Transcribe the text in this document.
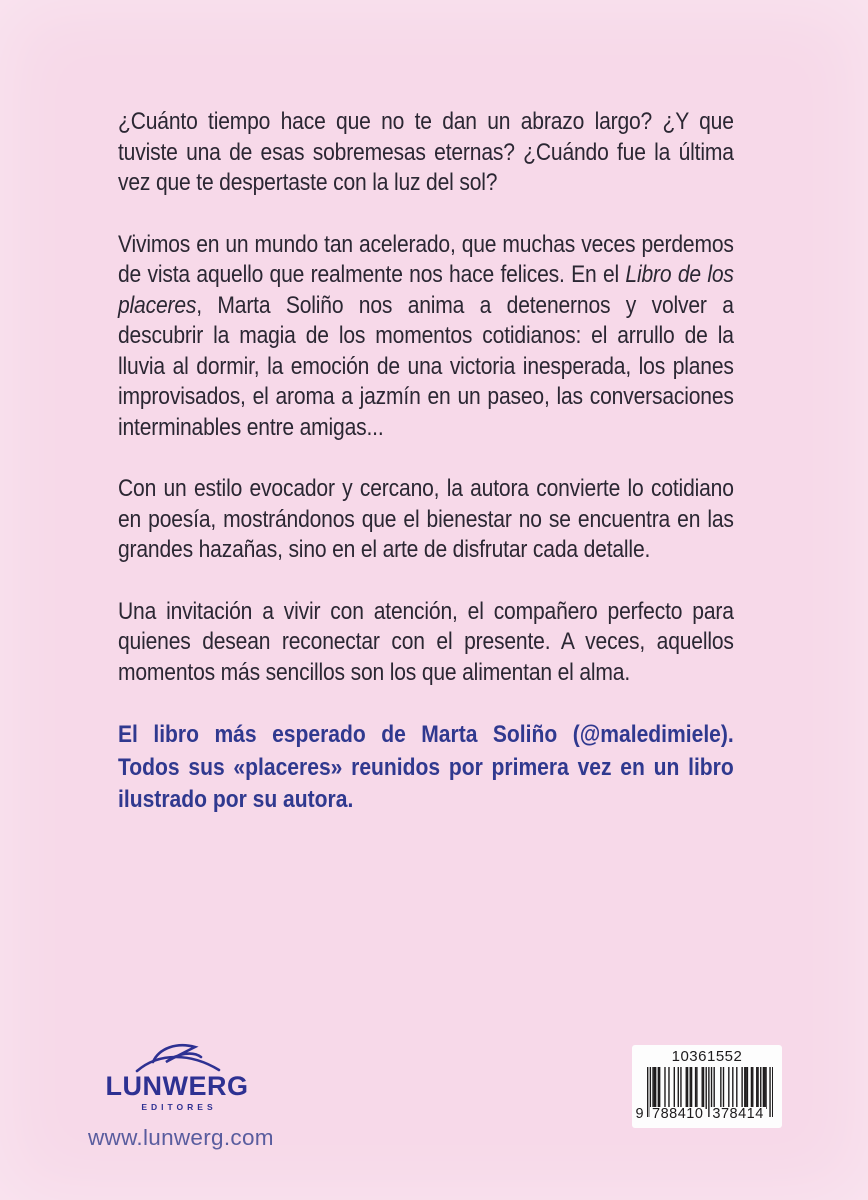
¿Cuánto tiempo hace que no te dan un abrazo largo? ¿Y que tuviste una de esas sobremesas eternas? ¿Cuándo fue la última vez que te despertaste con la luz del sol?

Vivimos en un mundo tan acelerado, que muchas veces perdemos de vista aquello que realmente nos hace felices. En el Libro de los placeres, Marta Soliño nos anima a detenernos y volver a descubrir la magia de los momentos cotidianos: el arrullo de la lluvia al dormir, la emoción de una victoria inesperada, los planes improvisados, el aroma a jazmín en un paseo, las conversaciones interminables entre amigas...

Con un estilo evocador y cercano, la autora convierte lo cotidiano en poesía, mostrándonos que el bienestar no se encuentra en las grandes hazañas, sino en el arte de disfrutar cada detalle.

Una invitación a vivir con atención, el compañero perfecto para quienes desean reconectar con el presente. A veces, aquellos momentos más sencillos son los que alimentan el alma.

El libro más esperado de Marta Soliño (@maledimiele). Todos sus «placeres» reunidos por primera vez en un libro ilustrado por su autora.

LUNWERG
EDITORES
www.lunwerg.com
10361552
9 788410 378414
